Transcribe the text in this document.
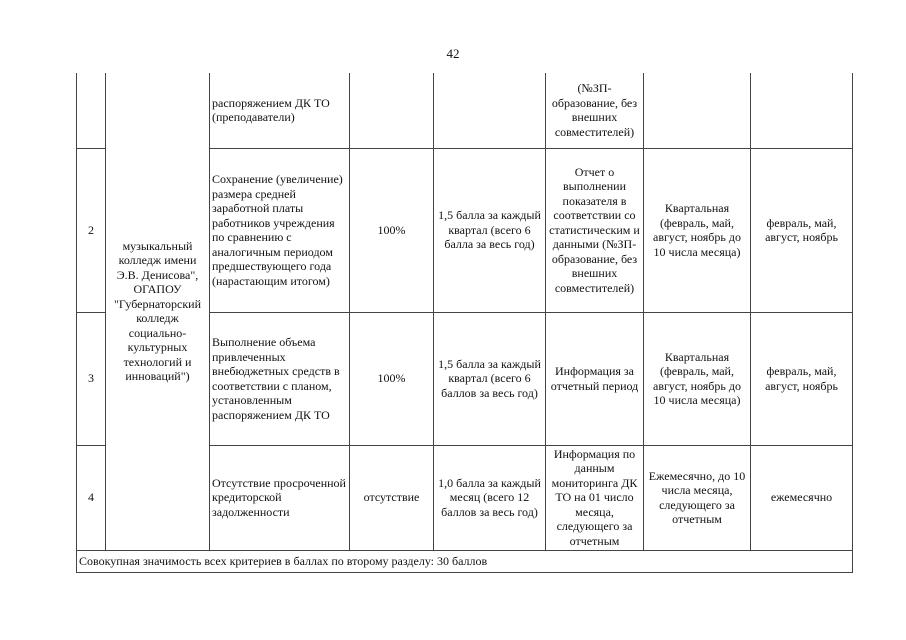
42
	музыкальный колледж имени Э.В. Денисова", ОГАПОУ "Губернаторский колледж социально-культурных технологий и инноваций")	распоряжением ДК ТО (преподаватели)			(№ЗП-образование, без внешних совместителей)		
2		Сохранение (увеличение) размера средней заработной платы работников учреждения по сравнению с аналогичным периодом предшествующего года (нарастающим итогом)	100%	1,5 балла за каждый квартал (всего 6 балла за весь год)	Отчет о выполнении показателя в соответствии со статистическим и данными (№ЗП-образование, без внешних совместителей)	Квартальная (февраль, май, август, ноябрь до 10 числа месяца)	февраль, май, август, ноябрь
3		Выполнение объема привлеченных внебюджетных средств в соответствии с планом, установленным распоряжением ДК ТО	100%	1,5 балла за каждый квартал (всего 6 баллов за весь год)	Информация за отчетный период	Квартальная (февраль, май, август, ноябрь до 10 числа месяца)	февраль, май, август, ноябрь
4		Отсутствие просроченной кредиторской задолженности	отсутствие	1,0 балла за каждый месяц (всего 12 баллов за весь год)	Информация по данным мониторинга ДК ТО на 01 число месяца, следующего за отчетным	Ежемесячно, до 10 числа месяца, следующего за отчетным	ежемесячно
Совокупная значимость всех критериев в баллах по второму разделу: 30 баллов							
